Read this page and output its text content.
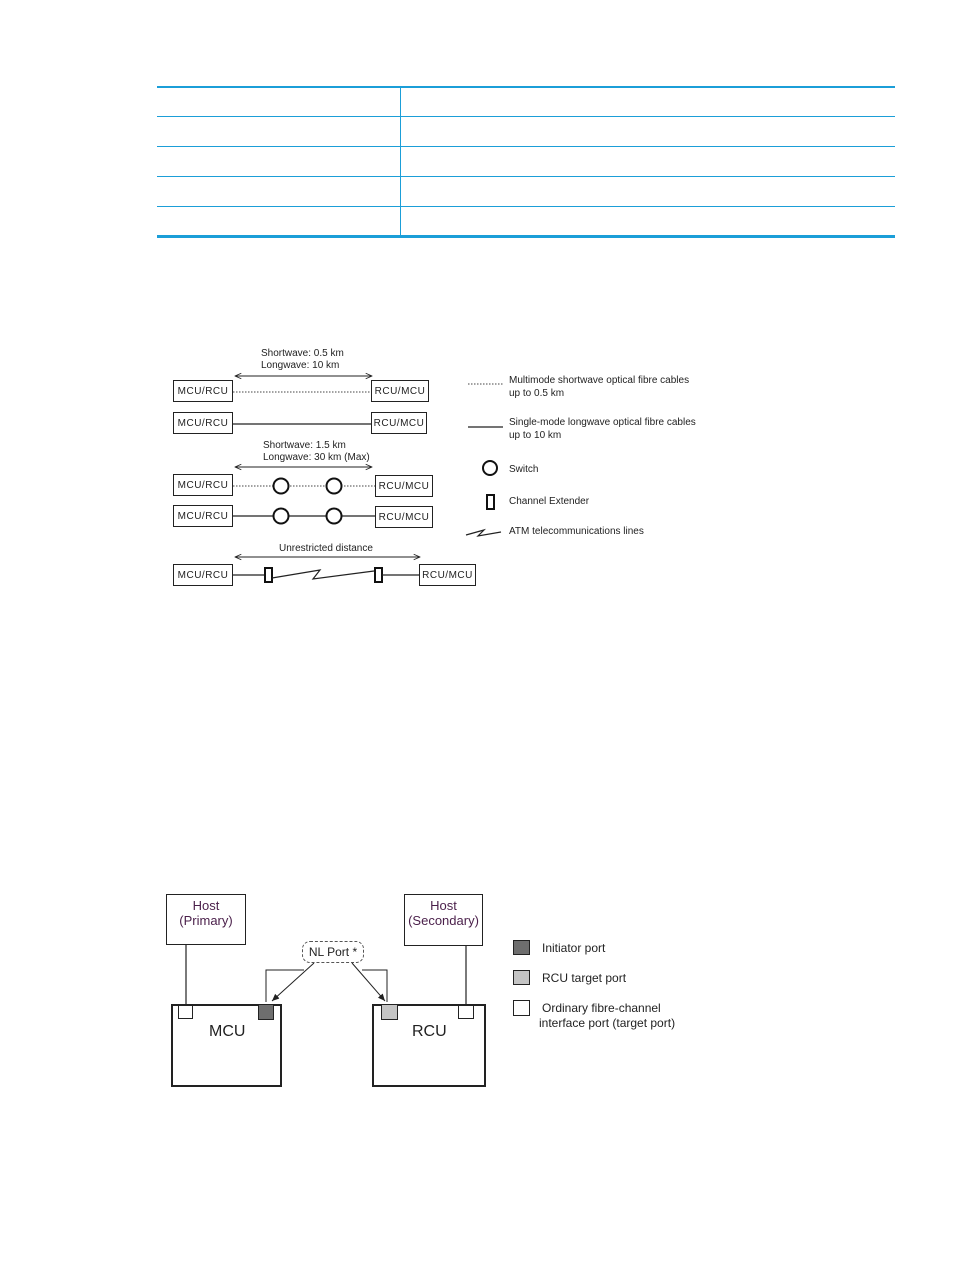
Shortwave: 0.5 km
Longwave: 10 km
Shortwave: 1.5 km
Longwave: 30 km (Max)
Unrestricted distance
MCU/RCU	RCU/MCU
MCU/RCU	RCU/MCU
MCU/RCU	RCU/MCU
MCU/RCU	RCU/MCU
MCU/RCU	RCU/MCU
Multimode shortwave optical fibre cables
up to 0.5 km
Single-mode longwave optical fibre cables
up to 10 km
Switch
Channel Extender
ATM telecommunications lines
Host
(Primary)
Host
(Secondary)
NL Port *
MCU	RCU
Initiator port
RCU target port
Ordinary fibre-channel
interface port (target port)
